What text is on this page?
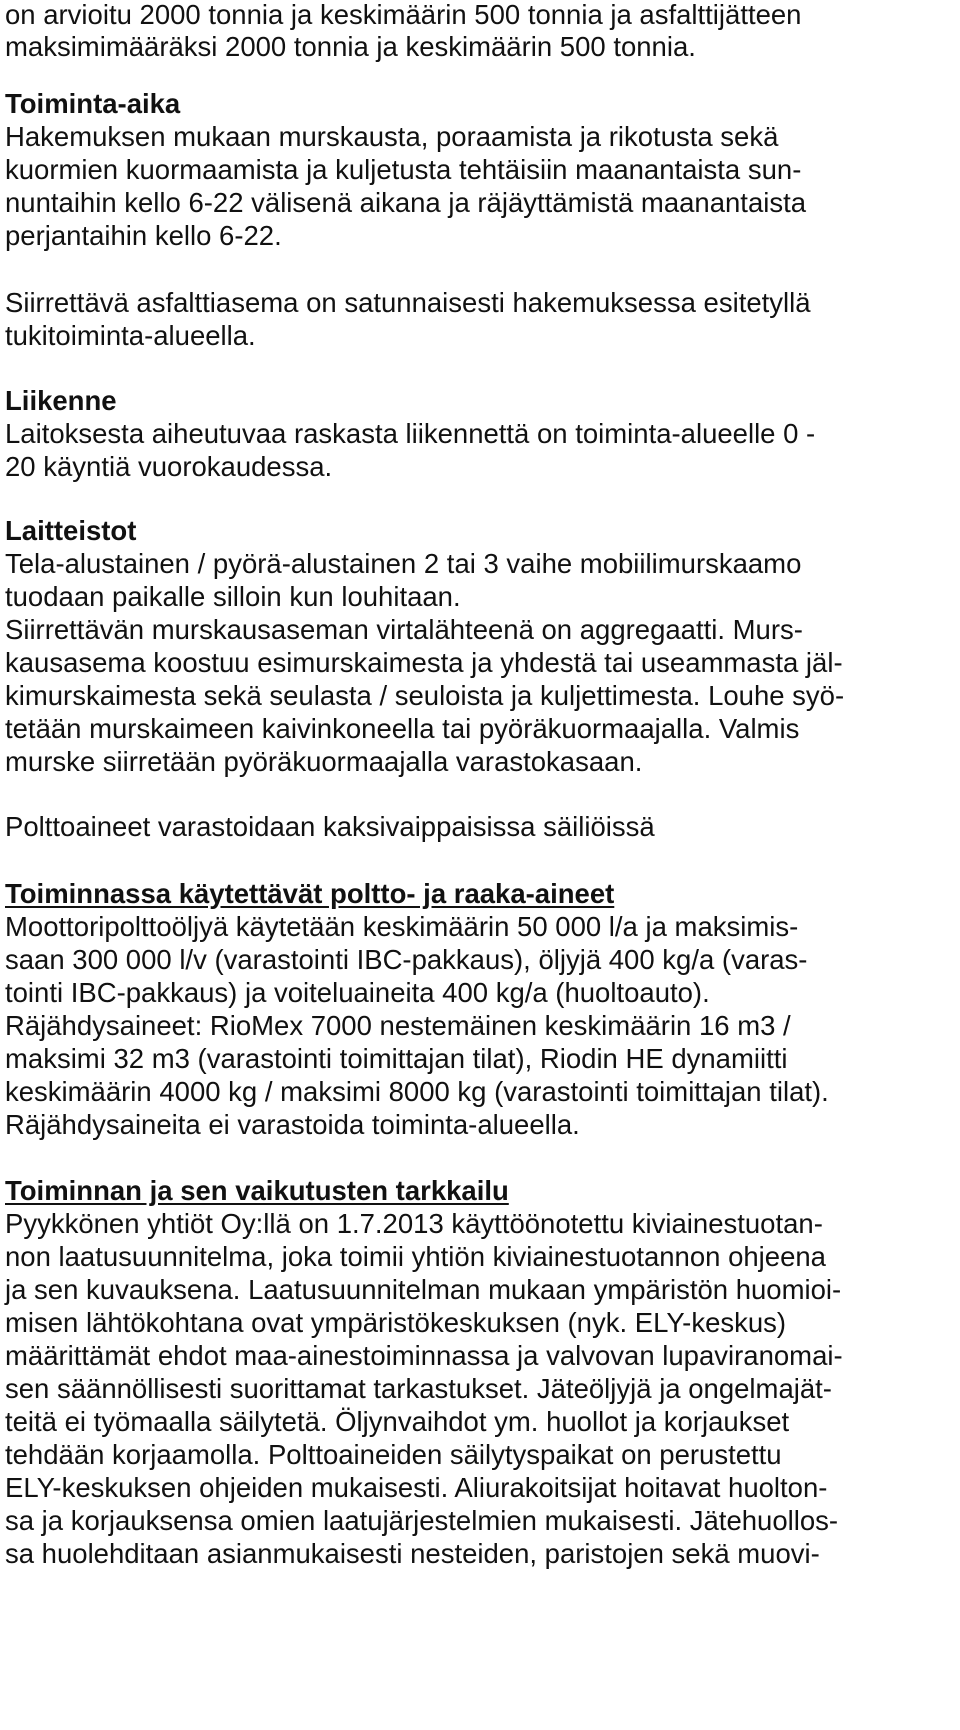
on arvioitu 2000 tonnia ja keskimäärin 500 tonnia ja asfalttijätteen
maksimimääräksi 2000 tonnia ja keskimäärin 500 tonnia.
Toiminta-aika
Hakemuksen mukaan murskausta, poraamista ja rikotusta sekä
kuormien kuormaamista ja kuljetusta tehtäisiin maanantaista sun-
nuntaihin kello 6-22 välisenä aikana ja räjäyttämistä maanantaista
perjantaihin kello 6-22.
Siirrettävä asfalttiasema on satunnaisesti hakemuksessa esitetyllä
tukitoiminta-alueella.
Liikenne
Laitoksesta aiheutuvaa raskasta liikennettä on toiminta-alueelle 0 -
20 käyntiä vuorokaudessa.
Laitteistot
Tela-alustainen / pyörä-alustainen 2 tai 3 vaihe mobiilimurskaamo
tuodaan paikalle silloin kun louhitaan.
Siirrettävän murskausaseman virtalähteenä on aggregaatti. Murs-
kausasema koostuu esimurskaimesta ja yhdestä tai useammasta jäl-
kimurskaimesta sekä seulasta / seuloista ja kuljettimesta. Louhe syö-
tetään murskaimeen kaivinkoneella tai pyöräkuormaajalla. Valmis
murske siirretään pyöräkuormaajalla varastokasaan.
Polttoaineet varastoidaan kaksivaippaisissa säiliöissä
Toiminnassa käytettävät poltto- ja raaka-aineet
Moottoripolttoöljyä käytetään keskimäärin 50 000 l/a ja maksimis-
saan 300 000 l/v (varastointi IBC-pakkaus), öljyjä 400 kg/a (varas-
tointi IBC-pakkaus) ja voiteluaineita 400 kg/a (huoltoauto).
Räjähdysaineet: RioMex 7000 nestemäinen keskimäärin 16 m3 /
maksimi 32 m3 (varastointi toimittajan tilat), Riodin HE dynamiitti
keskimäärin 4000 kg / maksimi 8000 kg (varastointi toimittajan tilat).
Räjähdysaineita ei varastoida toiminta-alueella.
Toiminnan ja sen vaikutusten tarkkailu
Pyykkönen yhtiöt Oy:llä on 1.7.2013 käyttöönotettu kiviainestuotan-
non laatusuunnitelma, joka toimii yhtiön kiviainestuotannon ohjeena
ja sen kuvauksena. Laatusuunnitelman mukaan ympäristön huomioi-
misen lähtökohtana ovat ympäristökeskuksen (nyk. ELY-keskus)
määrittämät ehdot maa-ainestoiminnassa ja valvovan lupaviranomai-
sen säännöllisesti suorittamat tarkastukset. Jäteöljyjä ja ongelmajät-
teitä ei työmaalla säilytetä. Öljynvaihdot ym. huollot ja korjaukset
tehdään korjaamolla. Polttoaineiden säilytyspaikat on perustettu
ELY-keskuksen ohjeiden mukaisesti. Aliurakoitsijat hoitavat huolton-
sa ja korjauksensa omien laatujärjestelmien mukaisesti. Jätehuollos-
sa huolehditaan asianmukaisesti nesteiden, paristojen sekä muovi-
